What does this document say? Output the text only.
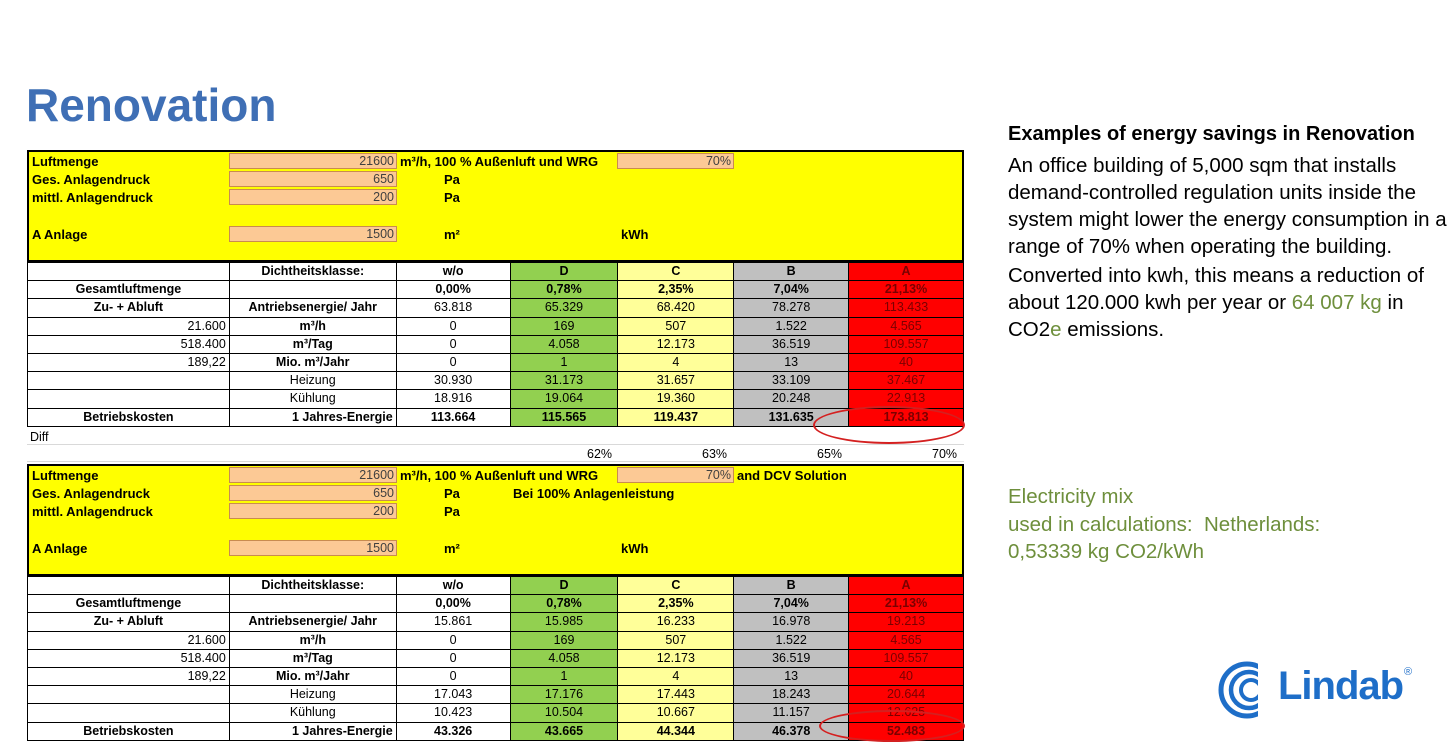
Renovation
Luftmenge	21600 m³/h, 100 % Außenluft und WRG	70%
Ges. Anlagendruck	650	Pa
mittl. Anlagendruck	200	Pa
A Anlage	1500	m²	kWh
	Dichtheitsklasse:	w/o	D	C	B	A
Gesamtluftmenge		0,00%	0,78%	2,35%	7,04%	21,13%
Zu- + Abluft	Antriebsenergie/ Jahr	63.818	65.329	68.420	78.278	113.433
21.600	m³/h	0	169	507	1.522	4.565
518.400	m³/Tag	0	4.058	12.173	36.519	109.557
189,22	Mio. m³/Jahr	0	1	4	13	40
	Heizung	30.930	31.173	31.657	33.109	37.467
	Kühlung	18.916	19.064	19.360	20.248	22.913
Betriebskosten	1 Jahres-Energie	113.664	115.565	119.437	131.635	173.813
Diff
62%	63%	65%	70%
Luftmenge	21600 m³/h, 100 % Außenluft und WRG	70% and DCV Solution
Ges. Anlagendruck	650	Pa	Bei 100% Anlagenleistung
mittl. Anlagendruck	200	Pa
A Anlage	1500	m²	kWh
	Dichtheitsklasse:	w/o	D	C	B	A
Gesamtluftmenge		0,00%	0,78%	2,35%	7,04%	21,13%
Zu- + Abluft	Antriebsenergie/ Jahr	15.861	15.985	16.233	16.978	19.213
21.600	m³/h	0	169	507	1.522	4.565
518.400	m³/Tag	0	4.058	12.173	36.519	109.557
189,22	Mio. m³/Jahr	0	1	4	13	40
	Heizung	17.043	17.176	17.443	18.243	20.644
	Kühlung	10.423	10.504	10.667	11.157	12.625
Betriebskosten	1 Jahres-Energie	43.326	43.665	44.344	46.378	52.483
Examples of energy savings in Renovation

An office building of 5,000 sqm that installs demand-controlled regulation units inside the system might lower the energy consumption in a range of 70% when operating the building.

Converted into kwh, this means a reduction of about 120.000 kwh per year or 64 007 kg in CO2e emissions.

Electricity mix
used in calculations:  Netherlands:
0,53339 kg CO2/kWh
Lindab ®
